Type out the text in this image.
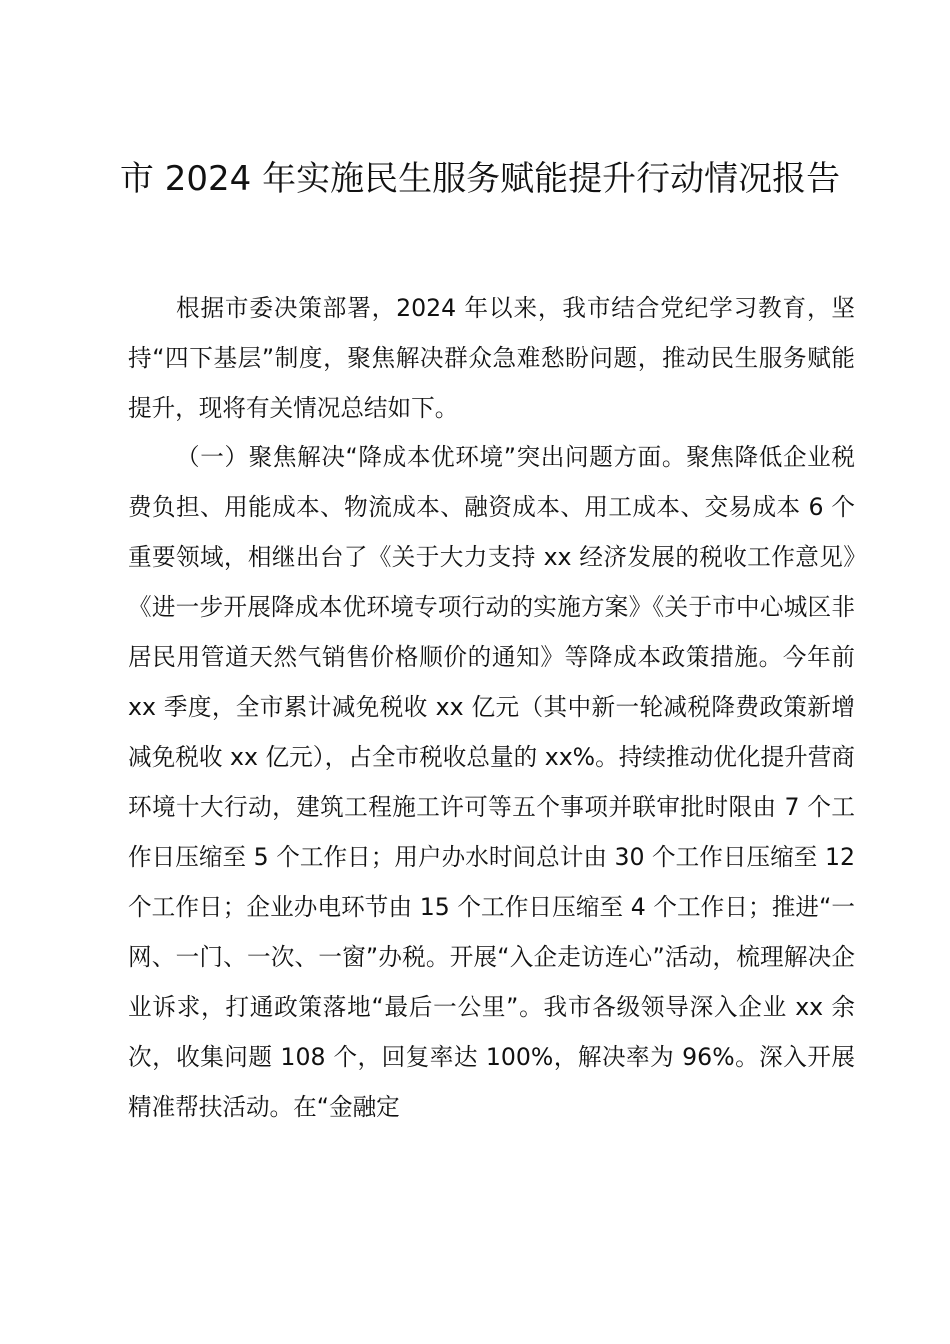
市 2024 年实施民生服务赋能提升行动情况报告

根据市委决策部署，2024 年以来，我市结合党纪学习教育，坚持“四下基层”制度，聚焦解决群众急难愁盼问题，推动民生服务赋能提升，现将有关情况总结如下。

（一）聚焦解决“降成本优环境”突出问题方面。聚焦降低企业税费负担、用能成本、物流成本、融资成本、用工成本、交易成本 6 个重要领域，相继出台了《关于大力支持 xx 经济发展的税收工作意见》《进一步开展降成本优环境专项行动的实施方案》《关于市中心城区非居民用管道天然气销售价格顺价的通知》等降成本政策措施。今年前 xx 季度，全市累计减免税收 xx 亿元（其中新一轮减税降费政策新增减免税收 xx 亿元），占全市税收总量的 xx%。持续推动优化提升营商环境十大行动，建筑工程施工许可等五个事项并联审批时限由 7 个工作日压缩至 5 个工作日；用户办水时间总计由 30 个工作日压缩至 12 个工作日；企业办电环节由 15 个工作日压缩至 4 个工作日；推进“一网、一门、一次、一窗”办税。开展“入企走访连心”活动，梳理解决企业诉求，打通政策落地“最后一公里”。我市各级领导深入企业 xx 余次，收集问题 108 个，回复率达 100%，解决率为 96%。深入开展精准帮扶活动。在“金融定
